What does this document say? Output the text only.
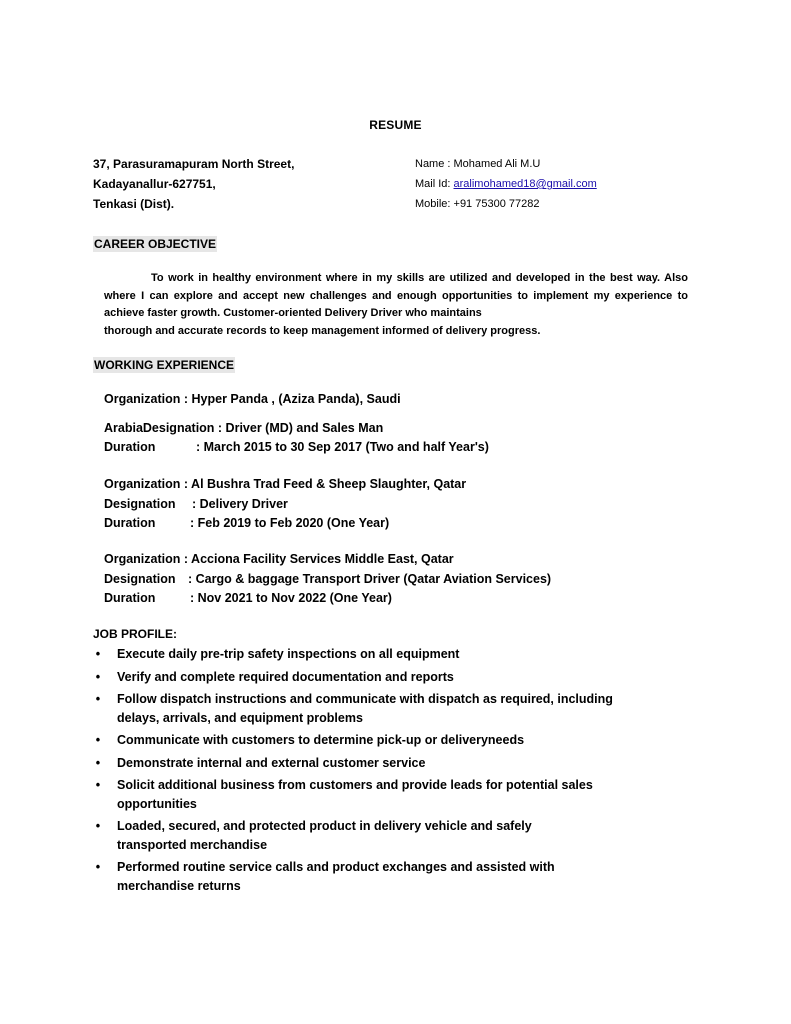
RESUME
37, Parasuramapuram North Street,
Kadayanallur-627751,
Tenkasi (Dist).
Name : Mohamed Ali M.U
Mail Id: aralimohamed18@gmail.com
Mobile: +91 75300 77282
CAREER OBJECTIVE
To work in healthy environment where in my skills are utilized and developed in the best way. Also where I can explore and accept new challenges and enough opportunities to implement my experience to achieve faster growth. Customer-oriented Delivery Driver who maintains
thorough and accurate records to keep management informed of delivery progress.
WORKING EXPERIENCE
Organization : Hyper Panda , (Aziza Panda), Saudi
ArabiaDesignation : Driver (MD) and Sales Man
Duration	: March 2015 to 30 Sep 2017 (Two and half Year's)
Organization : Al Bushra Trad Feed & Sheep Slaughter, Qatar
Designation : Delivery Driver
Duration	: Feb 2019 to Feb 2020 (One Year)
Organization : Acciona Facility Services Middle East, Qatar
Designation : Cargo & baggage Transport Driver (Qatar Aviation Services)
Duration	: Nov 2021 to Nov 2022 (One Year)
JOB PROFILE:
• Execute daily pre-trip safety inspections on all equipment
• Verify and complete required documentation and reports
• Follow dispatch instructions and communicate with dispatch as required, including delays, arrivals, and equipment problems
• Communicate with customers to determine pick-up or deliveryneeds
• Demonstrate internal and external customer service
• Solicit additional business from customers and provide leads for potential sales opportunities
• Loaded, secured, and protected product in delivery vehicle and safely transported merchandise
• Performed routine service calls and product exchanges and assisted with merchandise returns
